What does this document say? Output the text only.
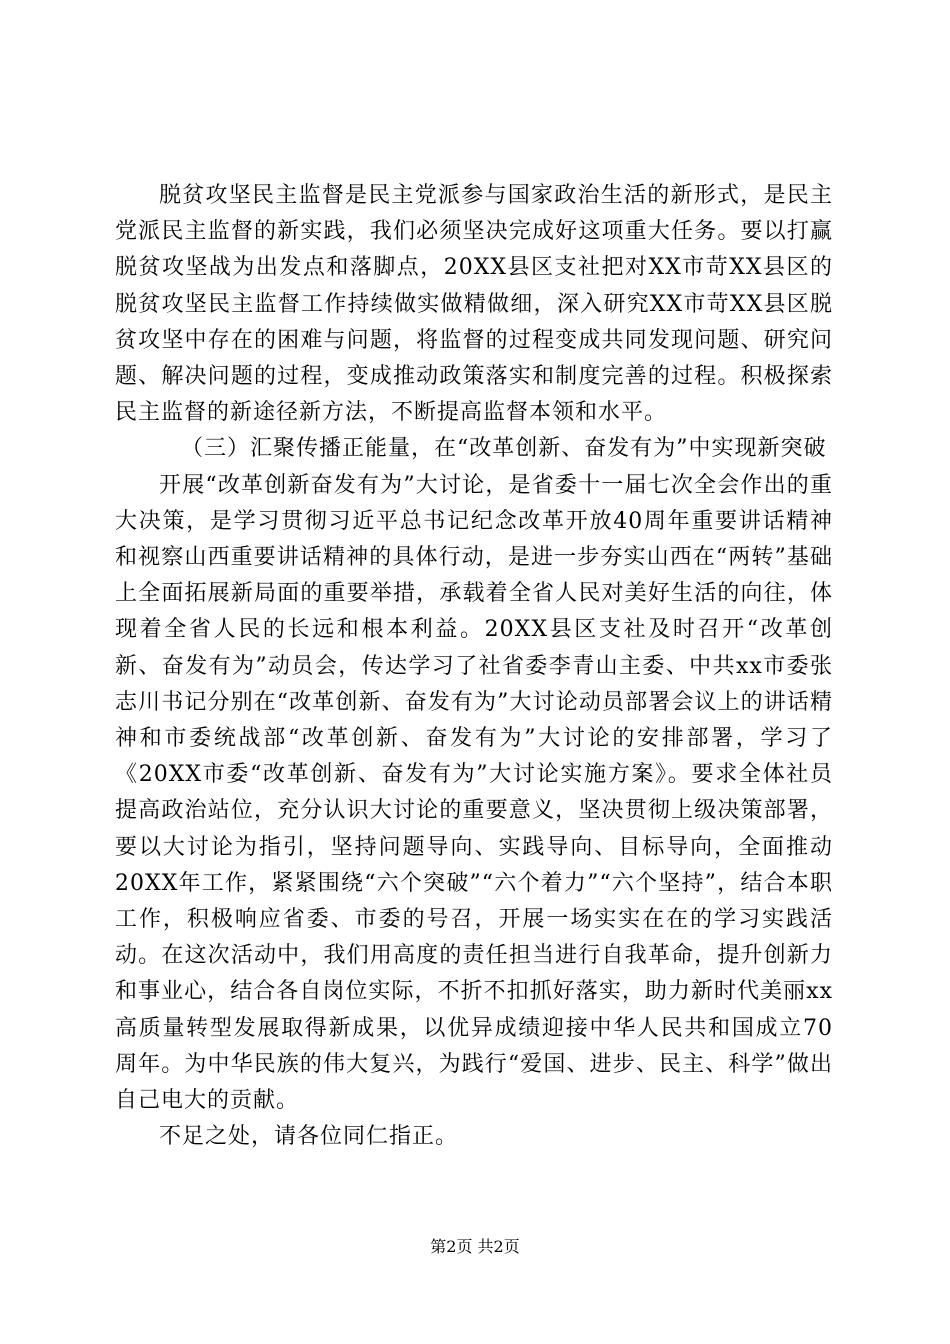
脱贫攻坚民主监督是民主党派参与国家政治生活的新形式，是民主党派民主监督的新实践，我们必须坚决完成好这项重大任务。要以打赢脱贫攻坚战为出发点和落脚点，20XX县区支社把对XX市苛XX县区的脱贫攻坚民主监督工作持续做实做精做细，深入研究XX市苛XX县区脱贫攻坚中存在的困难与问题，将监督的过程变成共同发现问题、研究问题、解决问题的过程，变成推动政策落实和制度完善的过程。积极探索民主监督的新途径新方法，不断提高监督本领和水平。

（三）汇聚传播正能量，在“改革创新、奋发有为”中实现新突破

开展“改革创新奋发有为”大讨论，是省委十一届七次全会作出的重大决策，是学习贯彻习近平总书记纪念改革开放40周年重要讲话精神和视察山西重要讲话精神的具体行动，是进一步夯实山西在“两转”基础上全面拓展新局面的重要举措，承载着全省人民对美好生活的向往，体现着全省人民的长远和根本利益。20XX县区支社及时召开“改革创新、奋发有为”动员会，传达学习了社省委李青山主委、中共xx市委张志川书记分别在“改革创新、奋发有为”大讨论动员部署会议上的讲话精神和市委统战部“改革创新、奋发有为”大讨论的安排部署，学习了《20XX市委“改革创新、奋发有为”大讨论实施方案》。要求全体社员提高政治站位，充分认识大讨论的重要意义，坚决贯彻上级决策部署，要以大讨论为指引，坚持问题导向、实践导向、目标导向，全面推动20XX年工作，紧紧围绕“六个突破”“六个着力”“六个坚持”，结合本职工作，积极响应省委、市委的号召，开展一场实实在在的学习实践活动。在这次活动中，我们用高度的责任担当进行自我革命，提升创新力和事业心，结合各自岗位实际，不折不扣抓好落实，助力新时代美丽xx高质量转型发展取得新成果，以优异成绩迎接中华人民共和国成立70周年。为中华民族的伟大复兴，为践行“爱国、进步、民主、科学”做出自己电大的贡献。

不足之处，请各位同仁指正。

第2页 共2页
